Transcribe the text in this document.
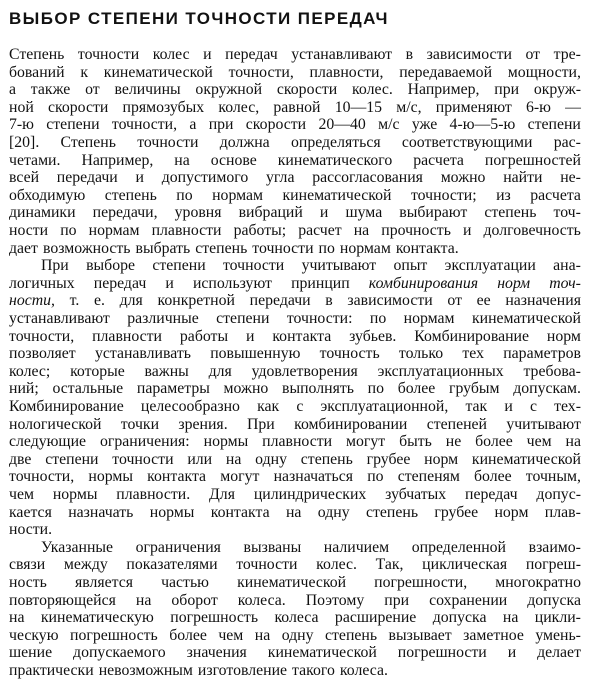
ВЫБОР СТЕПЕНИ ТОЧНОСТИ ПЕРЕДАЧ
Степень точности колес и передач устанавливают в зависимости от тре-
бований к кинематической точности, плавности, передаваемой мощности,
а также от величины окружной скорости колес. Например, при окруж-
ной скорости прямозубых колес, равной 10—15 м/с, применяют 6-ю —
7-ю степени точности, а при скорости 20—40 м/с уже 4-ю—5-ю степени
[20]. Степень точности должна определяться соответствующими рас-
четами. Например, на основе кинематического расчета погрешностей
всей передачи и допустимого угла рассогласования можно найти не-
обходимую степень по нормам кинематической точности; из расчета
динамики передачи, уровня вибраций и шума выбирают степень точ-
ности по нормам плавности работы; расчет на прочность и долговечность
дает возможность выбрать степень точности по нормам контакта.
При выборе степени точности учитывают опыт эксплуатации ана-
логичных передач и используют принцип комбинирования норм точ-
ности, т. е. для конкретной передачи в зависимости от ее назначения
устанавливают различные степени точности: по нормам кинематической
точности, плавности работы и контакта зубьев. Комбинирование норм
позволяет устанавливать повышенную точность только тех параметров
колес; которые важны для удовлетворения эксплуатационных требова-
ний; остальные параметры можно выполнять по более грубым допускам.
Комбинирование целесообразно как с эксплуатационной, так и с тех-
нологической точки зрения. При комбинировании степеней учитывают
следующие ограничения: нормы плавности могут быть не более чем на
две степени точности или на одну степень грубее норм кинематической
точности, нормы контакта могут назначаться по степеням более точным,
чем нормы плавности. Для цилиндрических зубчатых передач допус-
кается назначать нормы контакта на одну степень грубее норм плав-
ности.
Указанные ограничения вызваны наличием определенной взаимо-
связи между показателями точности колес. Так, циклическая погреш-
ность является частью кинематической погрешности, многократно
повторяющейся на оборот колеса. Поэтому при сохранении допуска
на кинематическую погрешность колеса расширение допуска на цикли-
ческую погрешность более чем на одну степень вызывает заметное умень-
шение допускаемого значения кинематической погрешности и делает
практически невозможным изготовление такого колеса.
